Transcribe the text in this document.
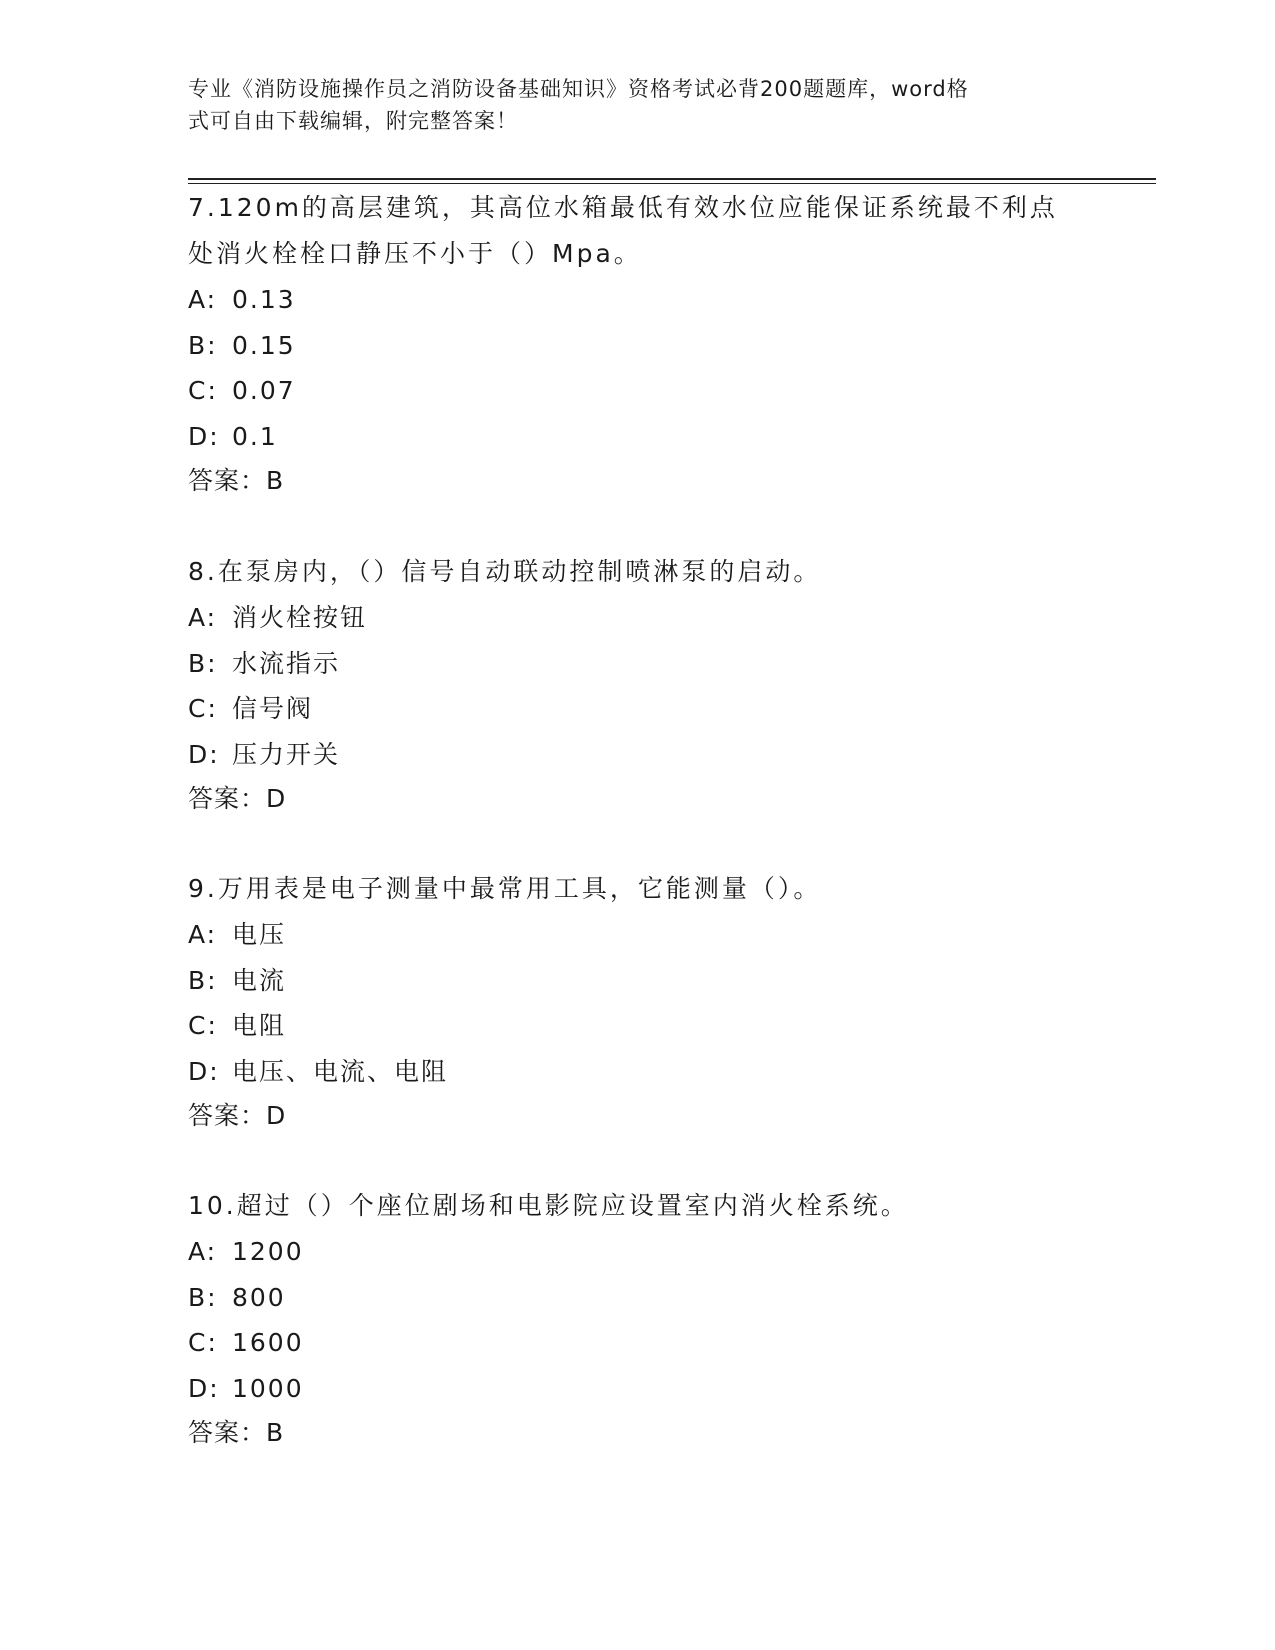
专业《消防设施操作员之消防设备基础知识》资格考试必背200题题库，word格
式可自由下载编辑，附完整答案！
7.120m的高层建筑，其高位水箱最低有效水位应能保证系统最不利点
处消火栓栓口静压不小于（）Mpa。
A: 0.13
B: 0.15
C: 0.07
D: 0.1
答案：B
8.在泵房内，（）信号自动联动控制喷淋泵的启动。
A: 消火栓按钮
B: 水流指示
C: 信号阀
D: 压力开关
答案：D
9.万用表是电子测量中最常用工具，它能测量（）。
A: 电压
B: 电流
C: 电阻
D: 电压、电流、电阻
答案：D
10.超过（）个座位剧场和电影院应设置室内消火栓系统。
A: 1200
B: 800
C: 1600
D: 1000
答案：B
